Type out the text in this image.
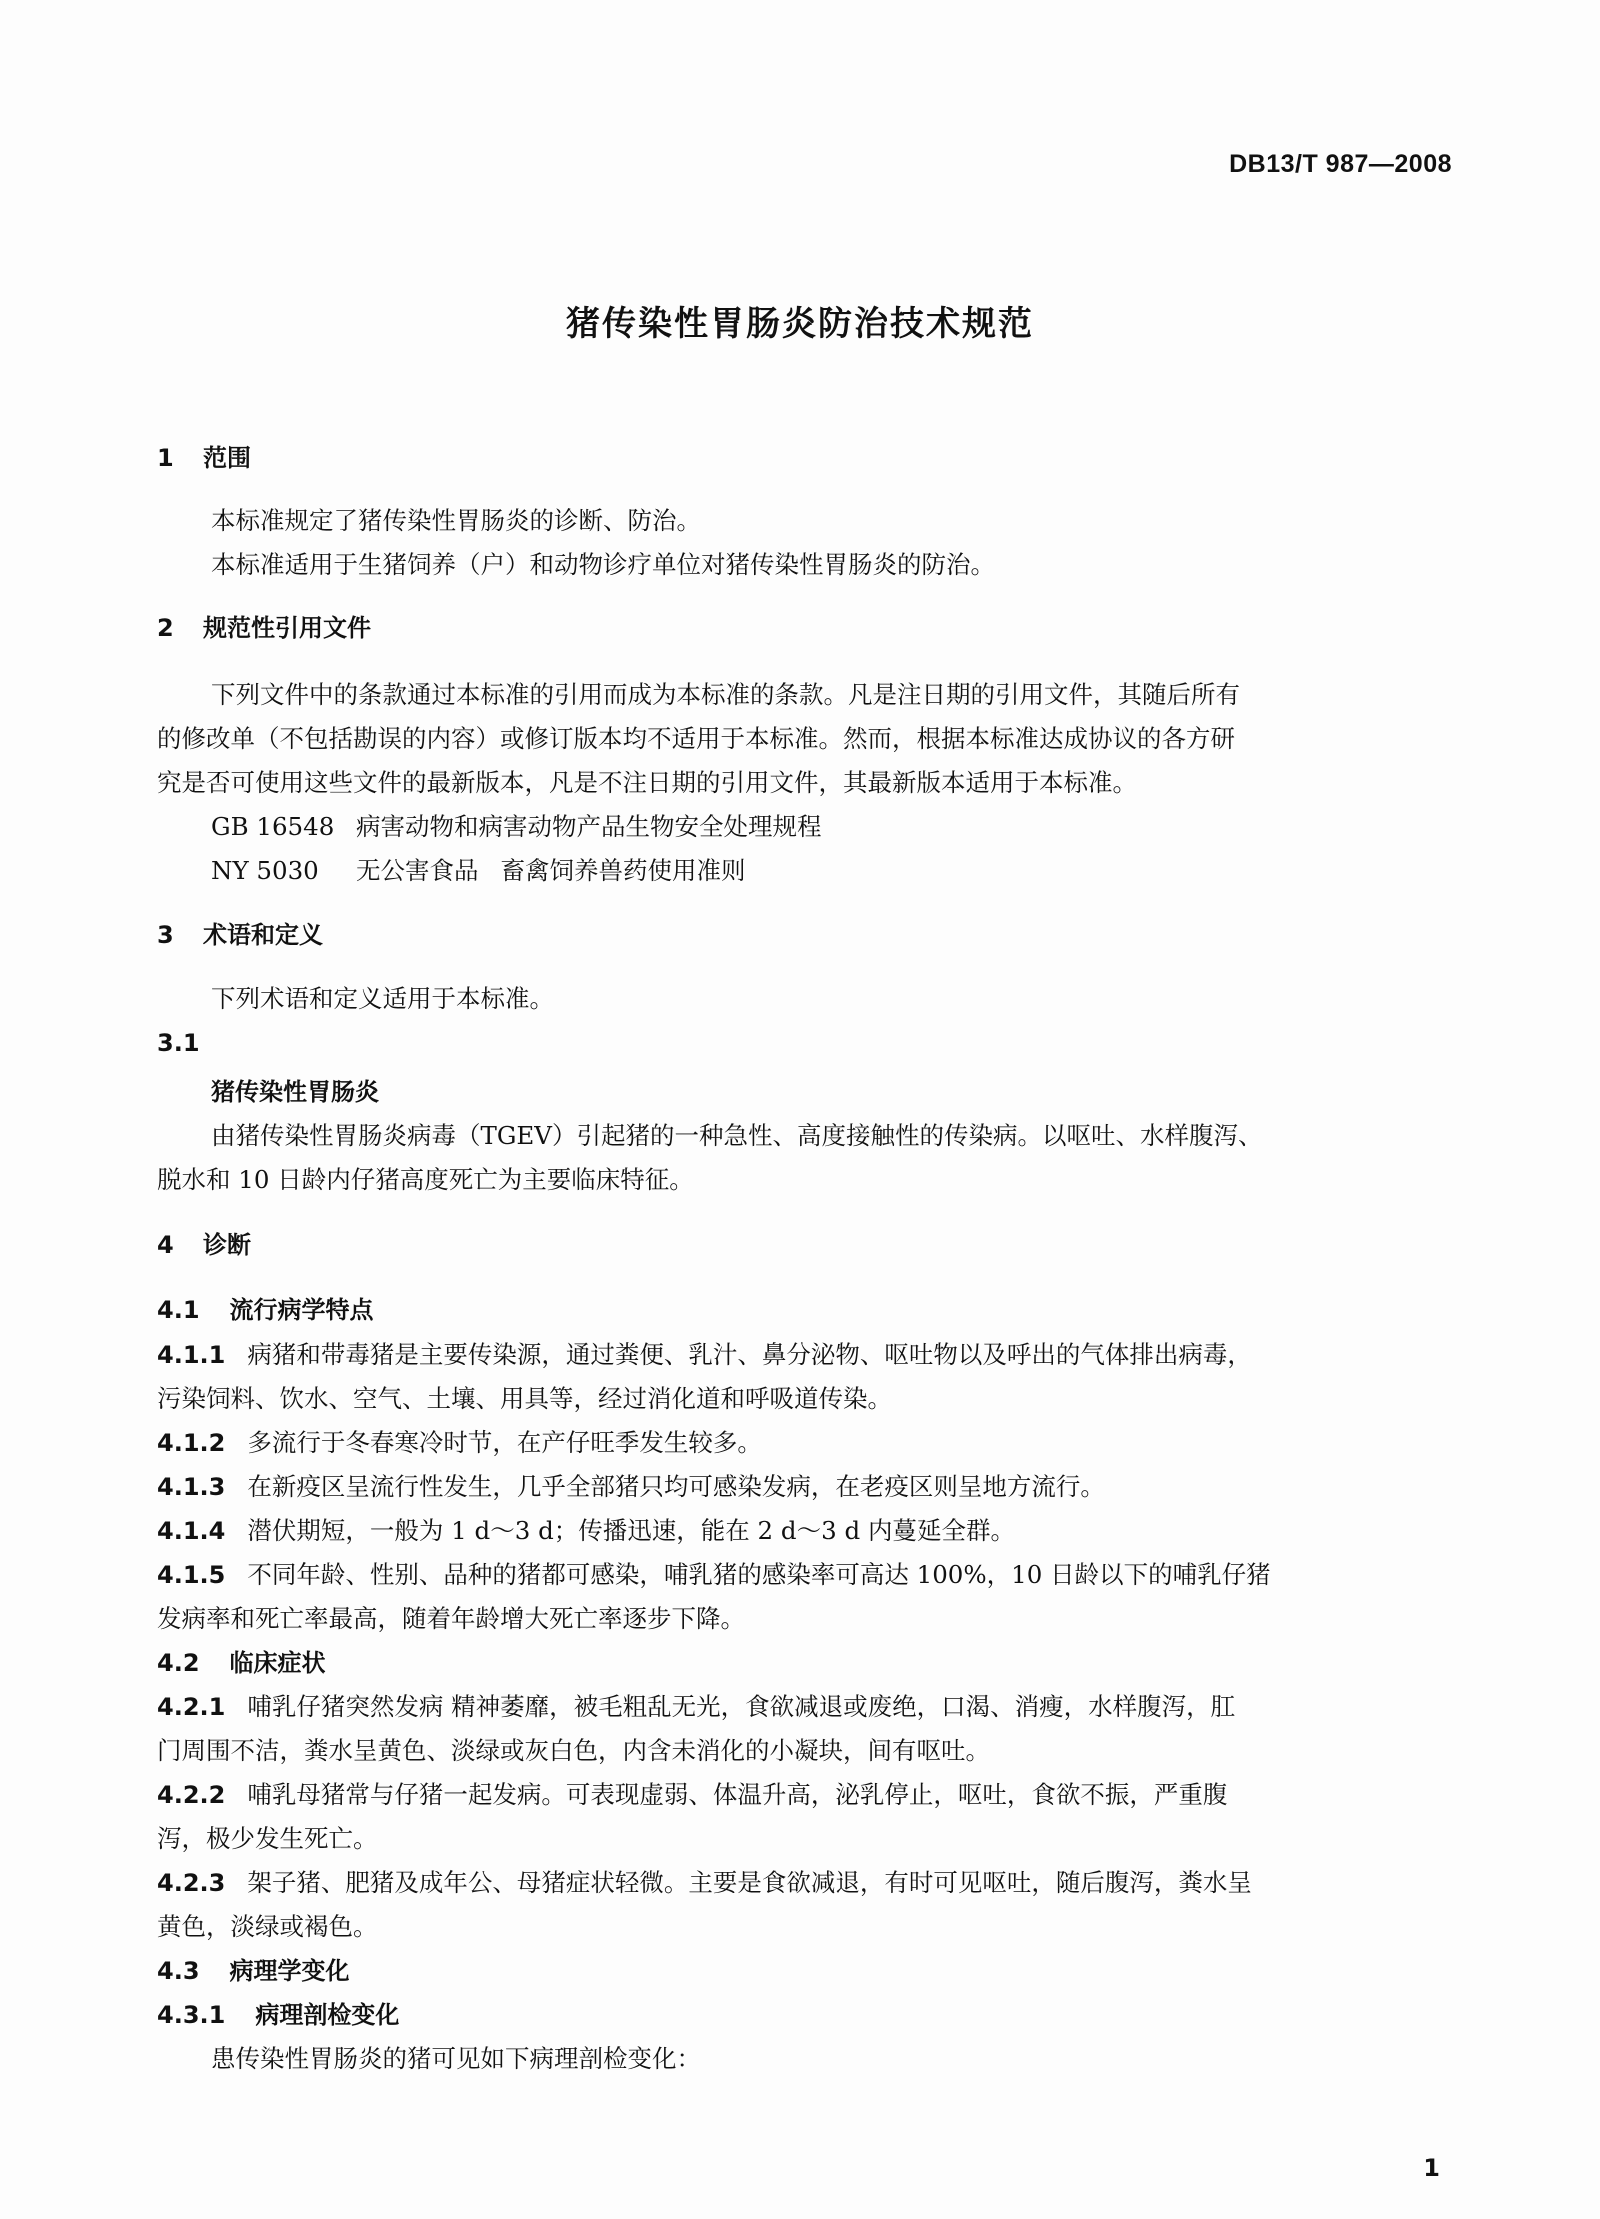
DB13/T 987—2008
猪传染性胃肠炎防治技术规范
1 范围
本标准规定了猪传染性胃肠炎的诊断、防治。
本标准适用于生猪饲养（户）和动物诊疗单位对猪传染性胃肠炎的防治。
2 规范性引用文件
下列文件中的条款通过本标准的引用而成为本标准的条款。凡是注日期的引用文件，其随后所有
的修改单（不包括勘误的内容）或修订版本均不适用于本标准。然而，根据本标准达成协议的各方研
究是否可使用这些文件的最新版本，凡是不注日期的引用文件，其最新版本适用于本标准。
GB 16548 病害动物和病害动物产品生物安全处理规程
NY 5030 无公害食品 畜禽饲养兽药使用准则
3 术语和定义
下列术语和定义适用于本标准。
3.1
猪传染性胃肠炎
由猪传染性胃肠炎病毒（TGEV）引起猪的一种急性、高度接触性的传染病。以呕吐、水样腹泻、
脱水和 10 日龄内仔猪高度死亡为主要临床特征。
4 诊断
4.1 流行病学特点
4.1.1 病猪和带毒猪是主要传染源，通过粪便、乳汁、鼻分泌物、呕吐物以及呼出的气体排出病毒，
污染饲料、饮水、空气、土壤、用具等，经过消化道和呼吸道传染。
4.1.2 多流行于冬春寒冷时节，在产仔旺季发生较多。
4.1.3 在新疫区呈流行性发生，几乎全部猪只均可感染发病，在老疫区则呈地方流行。
4.1.4 潜伏期短，一般为 1 d～3 d；传播迅速，能在 2 d～3 d 内蔓延全群。
4.1.5 不同年龄、性别、品种的猪都可感染，哺乳猪的感染率可高达 100%，10 日龄以下的哺乳仔猪
发病率和死亡率最高，随着年龄增大死亡率逐步下降。
4.2 临床症状
4.2.1 哺乳仔猪突然发病 精神萎靡，被毛粗乱无光，食欲减退或废绝，口渴、消瘦，水样腹泻，肛
门周围不洁，粪水呈黄色、淡绿或灰白色，内含未消化的小凝块，间有呕吐。
4.2.2 哺乳母猪常与仔猪一起发病。可表现虚弱、体温升高，泌乳停止，呕吐，食欲不振，严重腹
泻，极少发生死亡。
4.2.3 架子猪、肥猪及成年公、母猪症状轻微。主要是食欲减退，有时可见呕吐，随后腹泻，粪水呈
黄色，淡绿或褐色。
4.3 病理学变化
4.3.1 病理剖检变化
患传染性胃肠炎的猪可见如下病理剖检变化：
1
